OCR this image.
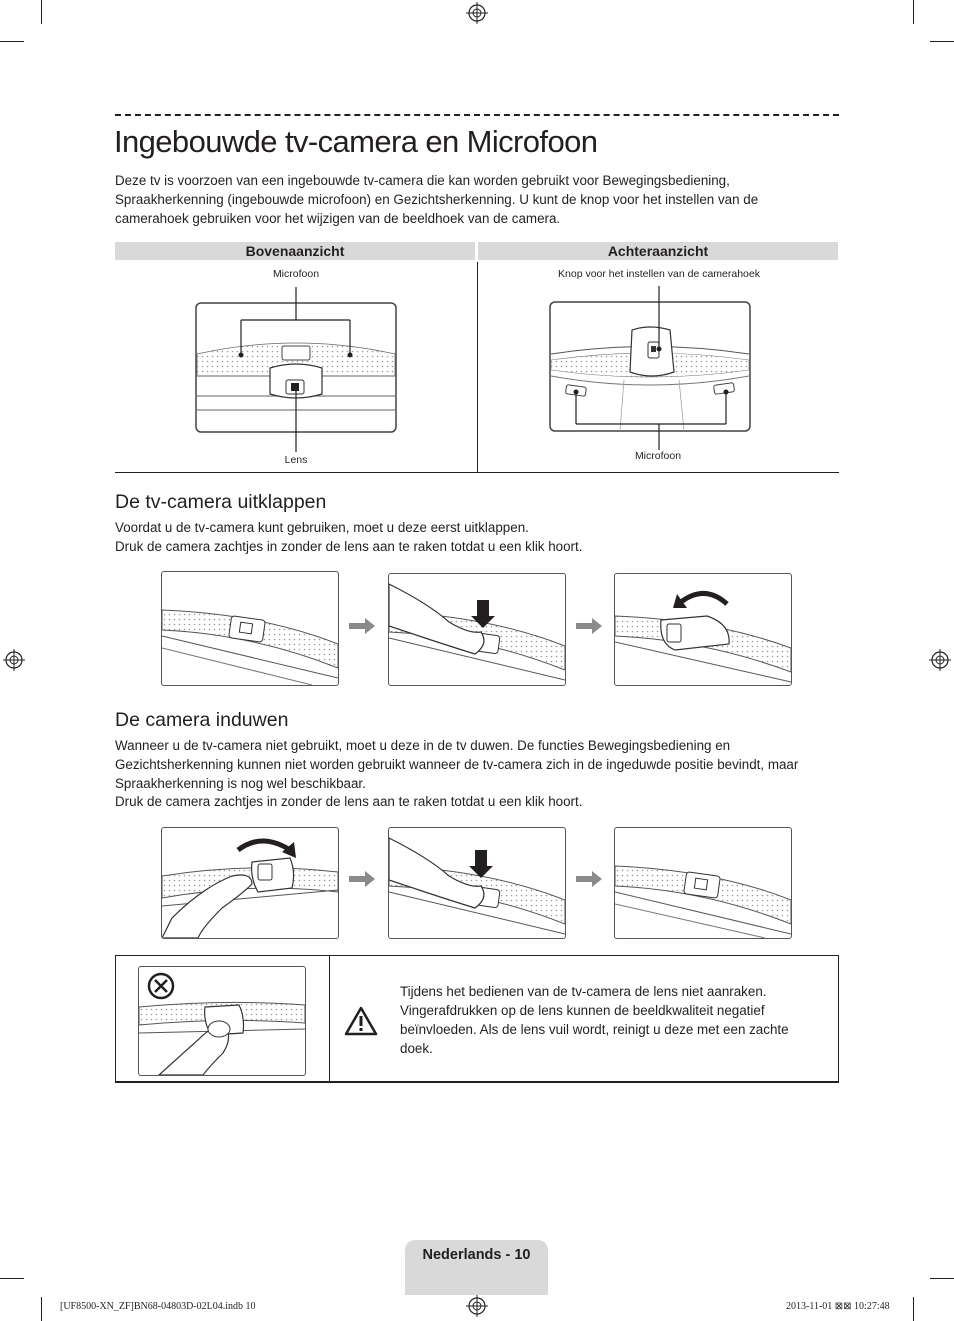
Ingebouwde tv-camera en Microfoon

Deze tv is voorzoen van een ingebouwde tv-camera die kan worden gebruikt voor Bewegingsbediening, Spraakherkenning (ingebouwde microfoon) en Gezichtsherkenning. U kunt de knop voor het instellen van de camerahoek gebruiken voor het wijzigen van de beeldhoek van de camera.

Bovenaanzicht	Achteraanzicht
Microfoon
Lens
Knop voor het instellen van de camerahoek
Microfoon
De tv-camera uitklappen

Voordat u de tv-camera kunt gebruiken, moet u deze eerst uitklappen.

Druk de camera zachtjes in zonder de lens aan te raken totdat u een klik hoort.

De camera induwen

Wanneer u de tv-camera niet gebruikt, moet u deze in de tv duwen. De functies Bewegingsbediening en Gezichtsherkenning kunnen niet worden gebruikt wanneer de tv-camera zich in de ingeduwde positie bevindt, maar Spraakherkenning is nog wel beschikbaar.

Druk de camera zachtjes in zonder de lens aan te raken totdat u een klik hoort.

Tijdens het bedienen van de tv-camera de lens niet aanraken. Vingerafdrukken op de lens kunnen de beeldkwaliteit negatief beïnvloeden. Als de lens vuil wordt, reinigt u deze met een zachte doek.

Nederlands - 10
[UF8500-XN_ZF]BN68-04803D-02L04.indb 10	2013-11-01 ⊠⊠ 10:27:48
